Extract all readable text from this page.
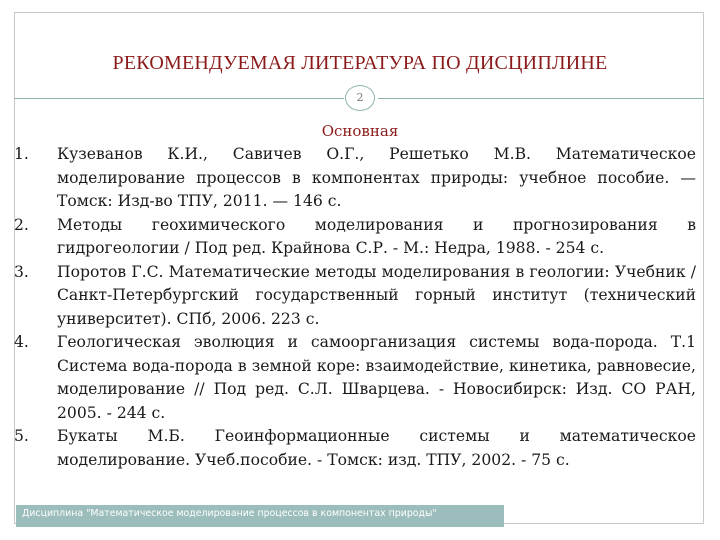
РЕКОМЕНДУЕМАЯ ЛИТЕРАТУРА ПО ДИСЦИПЛИНЕ
2
Основная
1.	Кузеванов К.И., Савичев О.Г., Решетько М.В. Математическое моделирование процессов в компонентах природы: учебное пособие. — Томск: Изд-во ТПУ, 2011. — 146 с.
2.	Методы геохимического моделирования и прогнозирования в гидрогеологии / Под ред. Крайнова С.Р. - М.: Недра, 1988. - 254 с.
3.	Поротов Г.С. Математические методы моделирования в геологии: Учебник / Санкт-Петербургский государственный горный институт (технический университет). СПб, 2006. 223 с.
4.	Геологическая эволюция и самоорганизация системы вода-порода. Т.1 Система вода-порода в земной коре: взаимодействие, кинетика, равновесие, моделирование // Под ред. С.Л. Шварцева. - Новосибирск: Изд. СО РАН, 2005. - 244 с.
5.	Букаты М.Б. Геоинформационные системы и математическое моделирование. Учеб.пособие. - Томск: изд. ТПУ, 2002. - 75 с.
Дисциплина "Математическое моделирование процессов в компонентах природы"
